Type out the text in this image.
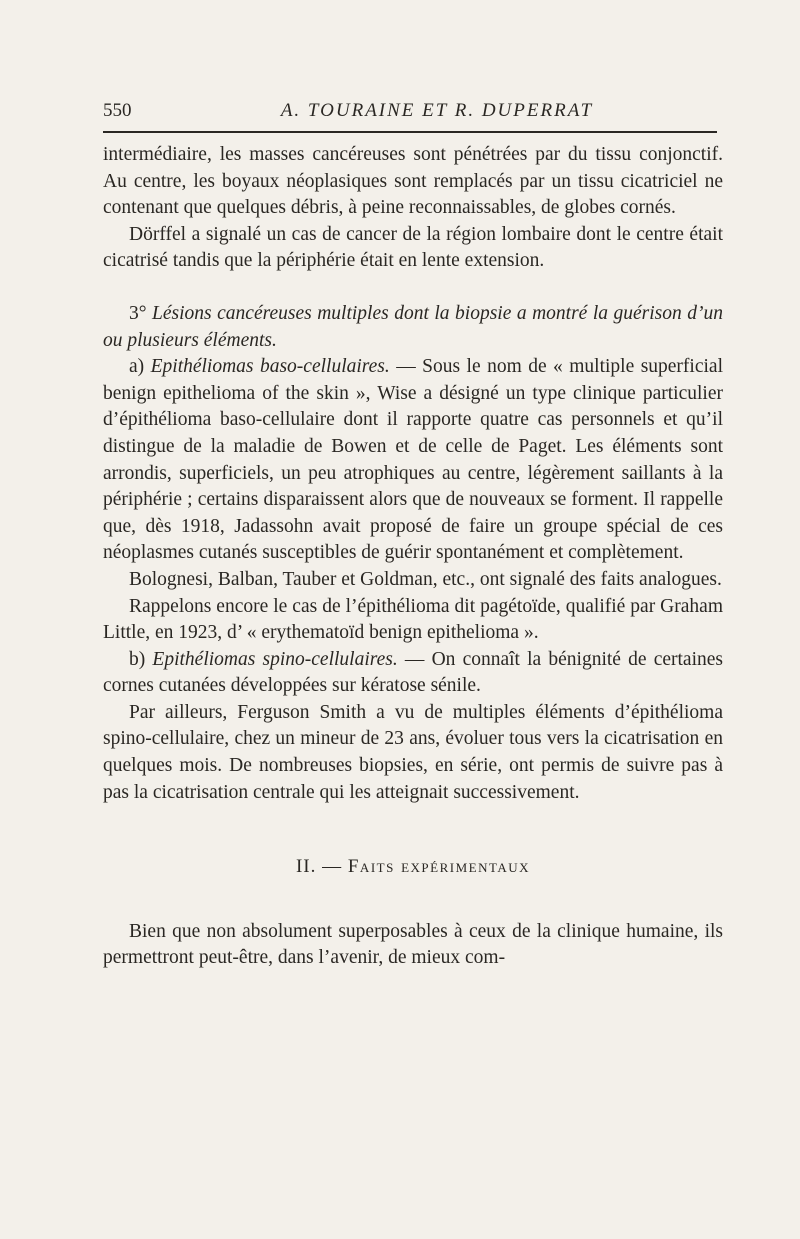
550	A. TOURAINE ET R. DUPERRAT

intermédiaire, les masses cancéreuses sont pénétrées par du tissu conjonctif. Au centre, les boyaux néoplasiques sont remplacés par un tissu cicatriciel ne contenant que quelques débris, à peine reconnaissables, de globes cornés.

Dörffel a signalé un cas de cancer de la région lombaire dont le centre était cicatrisé tandis que la périphérie était en lente extension.

3° Lésions cancéreuses multiples dont la biopsie a montré la guérison d’un ou plusieurs éléments.

a) Epithéliomas baso-cellulaires. — Sous le nom de « multiple superficial benign epithelioma of the skin », Wise a désigné un type clinique particulier d’épithélioma baso-cellulaire dont il rapporte quatre cas personnels et qu’il distingue de la maladie de Bowen et de celle de Paget. Les éléments sont arrondis, superficiels, un peu atrophiques au centre, légèrement saillants à la périphérie ; certains disparaissent alors que de nouveaux se forment. Il rappelle que, dès 1918, Jadassohn avait proposé de faire un groupe spécial de ces néoplasmes cutanés susceptibles de guérir spontanément et complètement.

Bolognesi, Balban, Tauber et Goldman, etc., ont signalé des faits analogues.

Rappelons encore le cas de l’épithélioma dit pagétoïde, qualifié par Graham Little, en 1923, d’ « erythematoïd benign epithelioma ».

b) Epithéliomas spino-cellulaires. — On connaît la bénignité de certaines cornes cutanées développées sur kératose sénile.

Par ailleurs, Ferguson Smith a vu de multiples éléments d’épithélioma spino-cellulaire, chez un mineur de 23 ans, évoluer tous vers la cicatrisation en quelques mois. De nombreuses biopsies, en série, ont permis de suivre pas à pas la cicatrisation centrale qui les atteignait successivement.

II. — Faits expérimentaux

Bien que non absolument superposables à ceux de la clinique humaine, ils permettront peut-être, dans l’avenir, de mieux com-
